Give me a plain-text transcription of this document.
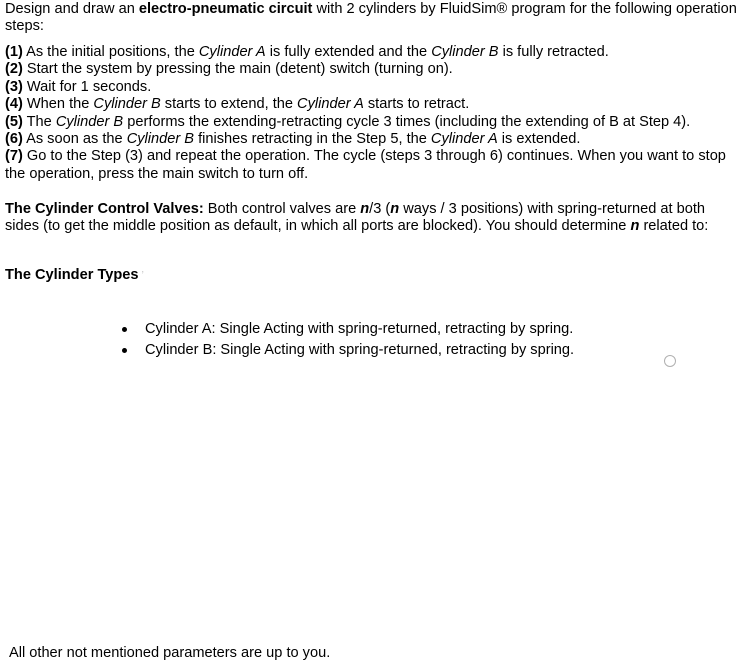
Design and draw an electro-pneumatic circuit with 2 cylinders by FluidSim® program for the following operation steps:

(1) As the initial positions, the Cylinder A is fully extended and the Cylinder B is fully retracted.

(2) Start the system by pressing the main (detent) switch (turning on).

(3) Wait for 1 seconds.

(4) When the Cylinder B starts to extend, the Cylinder A starts to retract.

(5) The Cylinder B performs the extending-retracting cycle 3 times (including the extending of B at Step 4).

(6) As soon as the Cylinder B finishes retracting in the Step 5, the Cylinder A is extended.

(7) Go to the Step (3) and repeat the operation. The cycle (steps 3 through 6) continues. When you want to stop the operation, press the main switch to turn off.

The Cylinder Control Valves: Both control valves are n/3 (n ways / 3 positions) with spring-returned at both sides (to get the middle position as default, in which all ports are blocked). You should determine n related to:
The Cylinder Types ʼ
Cylinder A: Single Acting with spring-returned, retracting by spring.
Cylinder B: Single Acting with spring-returned, retracting by spring.
All other not mentioned parameters are up to you.
